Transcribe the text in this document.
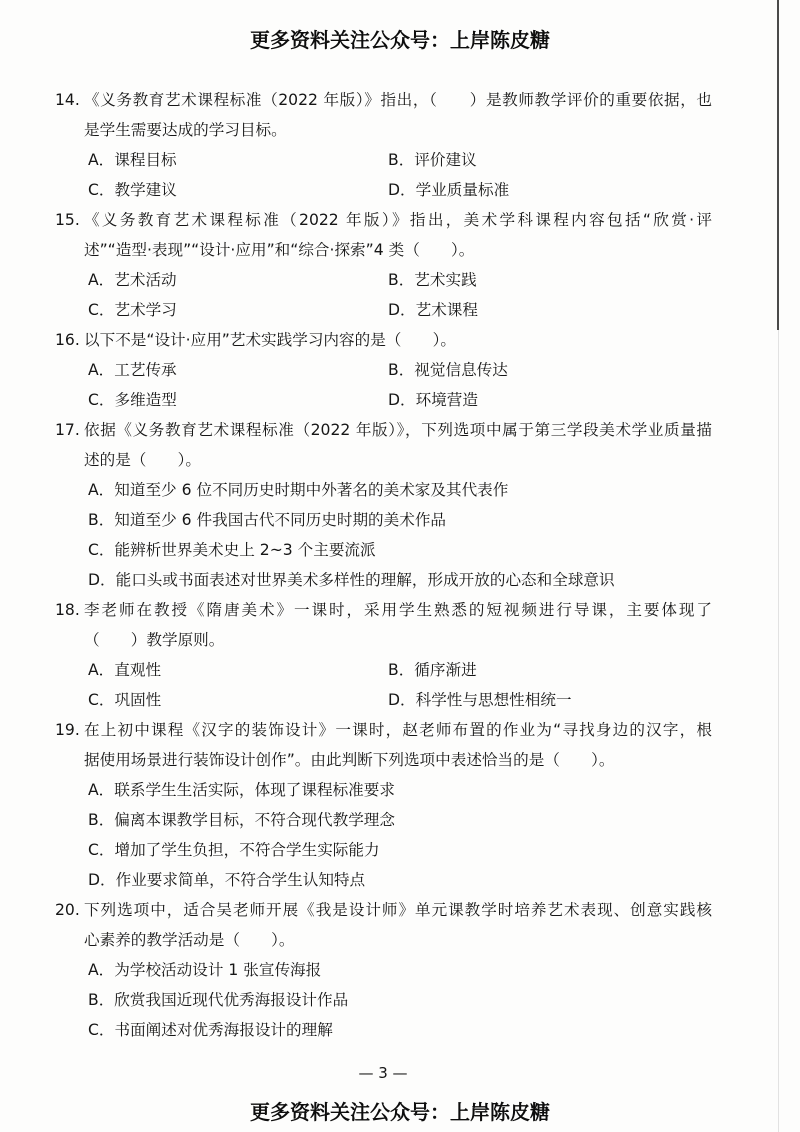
更多资料关注公众号：上岸陈皮糖
14. 《义务教育艺术课程标准（2022 年版）》指出，（　　）是教师教学评价的重要依据，也
是学生需要达成的学习目标。
A．课程目标	B．评价建议
C．教学建议	D．学业质量标准
15. 《义务教育艺术课程标准（2022 年版）》指出，美术学科课程内容包括“欣赏·评
述”“造型·表现”“设计·应用”和“综合·探索”4 类（　　）。
A．艺术活动	B．艺术实践
C．艺术学习	D．艺术课程
16. 以下不是“设计·应用”艺术实践学习内容的是（　　）。
A．工艺传承	B．视觉信息传达
C．多维造型	D．环境营造
17. 依据《义务教育艺术课程标准（2022 年版）》，下列选项中属于第三学段美术学业质量描
述的是（　　）。
A．知道至少 6 位不同历史时期中外著名的美术家及其代表作
B．知道至少 6 件我国古代不同历史时期的美术作品
C．能辨析世界美术史上 2~3 个主要流派
D．能口头或书面表述对世界美术多样性的理解，形成开放的心态和全球意识
18. 李老师在教授《隋唐美术》一课时，采用学生熟悉的短视频进行导课，主要体现了
（　　）教学原则。
A．直观性	B．循序渐进
C．巩固性	D．科学性与思想性相统一
19. 在上初中课程《汉字的装饰设计》一课时，赵老师布置的作业为“寻找身边的汉字，根
据使用场景进行装饰设计创作”。由此判断下列选项中表述恰当的是（　　）。
A．联系学生生活实际，体现了课程标准要求
B．偏离本课教学目标，不符合现代教学理念
C．增加了学生负担，不符合学生实际能力
D．作业要求简单，不符合学生认知特点
20. 下列选项中，适合吴老师开展《我是设计师》单元课教学时培养艺术表现、创意实践核
心素养的教学活动是（　　）。
A．为学校活动设计 1 张宣传海报
B．欣赏我国近现代优秀海报设计作品
C．书面阐述对优秀海报设计的理解
— 3 —
更多资料关注公众号：上岸陈皮糖
